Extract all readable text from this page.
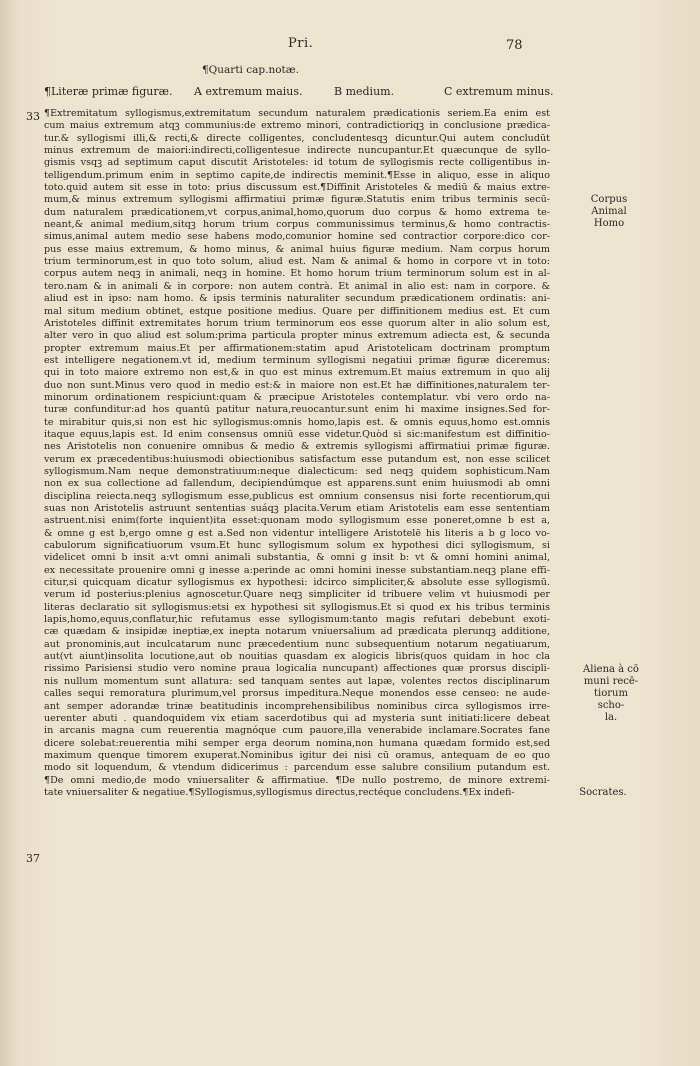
Pri.	78
¶Quarti cap.notæ.
¶Literæ primæ figuræ.	A extremum maius.	B medium.	C extremum minus.
33
37
¶Extremitatum syllogismus,extremitatum secundum naturalem prædicationis seriem.Ea enim est
cum maius extremum atqꝫ communius:de extremo minori, contradictioriqꝫ in conclusione prædica-
tur.& syllogismi illi,& recti,& directe colligentes, concludentesqꝫ dicuntur.Qui autem concludūt
minus extremum de maiori:indirecti,colligentesue indirecte nuncupantur.Et quæcunque de syllo-
gismis vsqꝫ ad septimum caput discutit Aristoteles: id totum de syllogismis recte colligentibus in-
telligendum.primum enim in septimo capite,de indirectis meminit.¶Esse in aliquo, esse in aliquo
toto.quid autem sit esse in toto: prius discussum est.¶Diffinit Aristoteles & mediū & maius extre-
mum,& minus extremum syllogismi affirmatiui primæ figuræ.Statutis enim tribus terminis secū-
dum naturalem prædicationem,vt corpus,animal,homo,quorum duo corpus & homo extrema te-
neant,& animal medium,sitqꝫ horum trium corpus communissimus terminus,& homo contractis-
simus,animal autem medio sese habens modo,comunior homine sed contractior corpore:dico cor-
pus esse maius extremum, & homo minus, & animal huius figuræ medium. Nam corpus horum
trium terminorum,est in quo toto solum, aliud est. Nam & animal & homo in corpore vt in toto:
corpus autem neqꝫ in animali, neqꝫ in homine. Et homo horum trium terminorum solum est in al-
tero.nam & in animali & in corpore: non autem contrà. Et animal in alio est: nam in corpore. &
aliud est in ipso: nam homo. & ipsis terminis naturaliter secundum prædicationem ordinatis: ani-
mal situm medium obtinet, estque positione medius. Quare per diffinitionem medius est. Et cum
Aristoteles diffinit extremitates horum trium terminorum eos esse quorum alter in alio solum est,
alter vero in quo aliud est solum:prima particula propter minus extremum adiecta est, & secunda
propter extremum maius.Et per affirmationem:statim apud Aristotelicam doctrinam promptum
est intelligere negationem.vt id, medium terminum syllogismi negatiui primæ figuræ diceremus:
qui in toto maiore extremo non est,& in quo est minus extremum.Et maius extremum in quo alij
duo non sunt.Minus vero quod in medio est:& in maiore non est.Et hæ diffinitiones,naturalem ter-
minorum ordinationem respiciunt:quam & præcipue Aristoteles contemplatur. vbi vero ordo na-
turæ confunditur:ad hos quantū patitur natura,reuocantur.sunt enim hi maxime insignes.Sed for-
te mirabitur quis,si non est hic syllogismus:omnis homo,lapis est. & omnis equus,homo est.omnis
itaque equus,lapis est. Id enim consensus omniū esse videtur.Quòd si sic:manifestum est diffinitio-
nes Aristotelis non conuenire omnibus & medio & extremis syllogismi affirmatiui primæ figuræ.
verum ex præcedentibus:huiusmodi obiectionibus satisfactum esse putandum est, non esse scilicet
syllogismum.Nam neque demonstratiuum:neque dialecticum: sed neqꝫ quidem sophisticum.Nam
non ex sua collectione ad fallendum, decipiendúmque est apparens.sunt enim huiusmodi ab omni
disciplina reiecta.neqꝫ syllogismum esse,publicus est omnium consensus nisi forte recentiorum,qui
suas non Aristotelis astruunt sententias suáqꝫ placita.Verum etiam Aristotelis eam esse sententiam
astruent.nisi enim(forte inquient)ita esset:quonam modo syllogismum esse poneret,omne b est a,
& omne g est b,ergo omne g est a.Sed non videntur intelligere Aristotelē his literis a b g loco vo-
cabulorum significatiuorum vsum.Et hunc syllogismum solum ex hypothesi dici syllogismum, si
videlicet omni b insit a:vt omni animali substantia, & omni g insit b: vt & omni homini animal,
ex necessitate prouenire omni g inesse a:perinde ac omni homini inesse substantiam.neqꝫ plane effi-
citur,si quicquam dicatur syllogismus ex hypothesi: idcirco simpliciter,& absolute esse syllogismū.
verum id posterius:plenius agnoscetur.Quare neqꝫ simpliciter id tribuere velim vt huiusmodi per
literas declaratio sit syllogismus:etsi ex hypothesi sit syllogismus.Et si quod ex his tribus terminis
lapis,homo,equus,conflatur,hic refutamus esse syllogismum:tanto magis refutari debebunt exoti-
cæ quædam & insipidæ ineptiæ,ex inepta notarum vniuersalium ad prædicata plerunqꝫ additione,
aut pronominis,aut inculcatarum nunc præcedentium nunc subsequentium notarum negatiuarum,
aut(vt aiunt)insolita locutione,aut ob nouitias quasdam ex alogicis libris(quos quidam in hoc cla
rissimo Parisiensi studio vero nomine praua logicalia nuncupant) affectiones quæ prorsus discipli-
nis nullum momentum sunt allatura: sed tanquam sentes aut lapæ, volentes rectos disciplinarum
calles sequi remoratura plurimum,vel prorsus impeditura.Neque monendos esse censeo: ne aude-
ant semper adorandæ trinæ beatitudinis incomprehensibilibus nominibus circa syllogismos irre-
uerenter abuti . quandoquidem vix etiam sacerdotibus qui ad mysteria sunt initiati:licere debeat
in arcanis magna cum reuerentia magnóque cum pauore,illa venerabide inclamare.Socrates fane
dicere solebat:reuerentia mihi semper erga deorum nomina,non humana quædam formido est,sed
maximum quenque timorem exuperat.Nominibus igitur dei nisi cū oramus, antequam de eo quo
modo sit loquendum, & vtendum didicerimus : parcendum esse salubre consilium putandum est.
¶De omni medio,de modo vniuersaliter & affirmatiue. ¶De nullo postremo, de minore extremi-
tate vniuersaliter & negatiue.¶Syllogismus,syllogismus directus,rectéque concludens.¶Ex indefi-
Corpus
Animal
Homo
Aliena à cō
muni recē-
tiorum
scho-
la.
Socrates.
